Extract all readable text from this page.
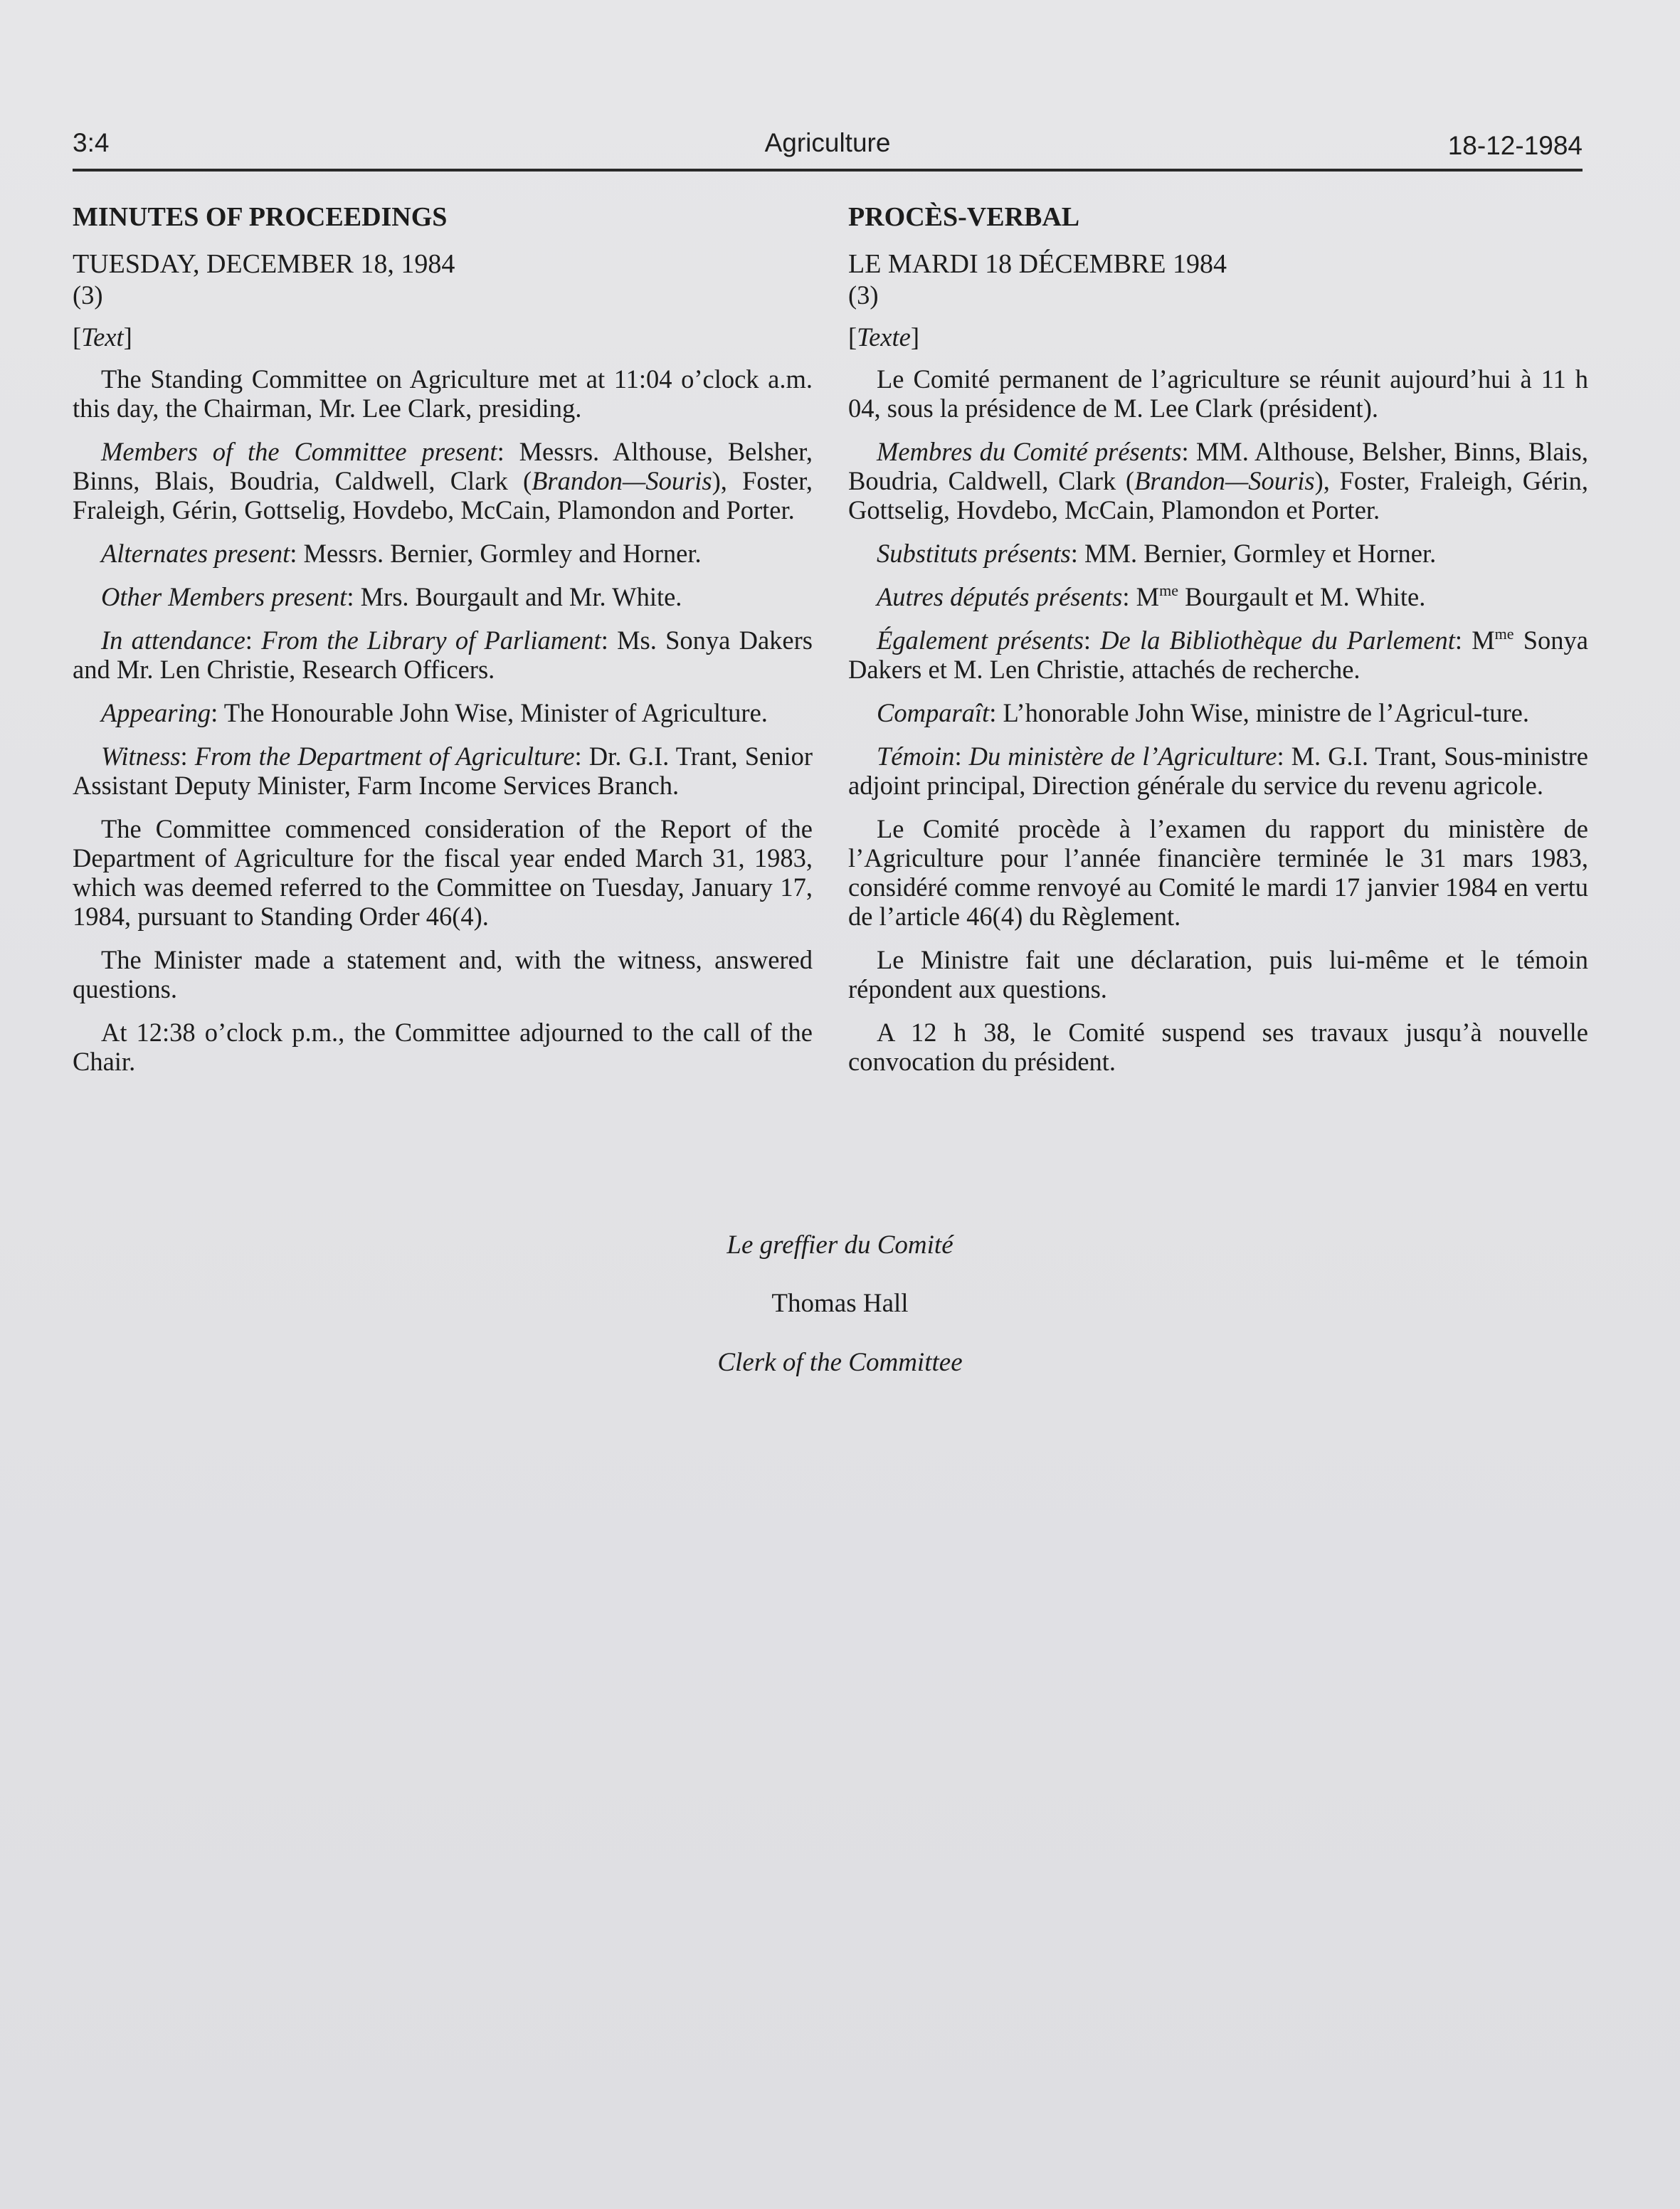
3:4	Agriculture	18-12-1984
MINUTES OF PROCEEDINGS
TUESDAY, DECEMBER 18, 1984
(3)
[Text]

The Standing Committee on Agriculture met at 11:04 o’clock a.m. this day, the Chairman, Mr. Lee Clark, presiding.

Members of the Committee present: Messrs. Althouse, Belsher, Binns, Blais, Boudria, Caldwell, Clark (Brandon—Souris), Foster, Fraleigh, Gérin, Gottselig, Hovdebo, McCain, Plamondon and Porter.

Alternates present: Messrs. Bernier, Gormley and Horner.

Other Members present: Mrs. Bourgault and Mr. White.

In attendance: From the Library of Parliament: Ms. Sonya Dakers and Mr. Len Christie, Research Officers.

Appearing: The Honourable John Wise, Minister of Agriculture.

Witness: From the Department of Agriculture: Dr. G.I. Trant, Senior Assistant Deputy Minister, Farm Income Services Branch.

The Committee commenced consideration of the Report of the Department of Agriculture for the fiscal year ended March 31, 1983, which was deemed referred to the Committee on Tuesday, January 17, 1984, pursuant to Standing Order 46(4).

The Minister made a statement and, with the witness, answered questions.

At 12:38 o’clock p.m., the Committee adjourned to the call of the Chair.

PROCÈS-VERBAL
LE MARDI 18 DÉCEMBRE 1984
(3)
[Texte]

Le Comité permanent de l’agriculture se réunit aujourd’hui à 11 h 04, sous la présidence de M. Lee Clark (président).

Membres du Comité présents: MM. Althouse, Belsher, Binns, Blais, Boudria, Caldwell, Clark (Brandon—Souris), Foster, Fraleigh, Gérin, Gottselig, Hovdebo, McCain, Plamondon et Porter.

Substituts présents: MM. Bernier, Gormley et Horner.

Autres députés présents: $M^{me}$ Bourgault et M. White.

Également présents: De la Bibliothèque du Parlement: $M^{me}$ Sonya Dakers et M. Len Christie, attachés de recherche.

Comparaît: L’honorable John Wise, ministre de l’Agricul-ture.

Témoin: Du ministère de l’Agriculture: M. G.I. Trant, Sous-ministre adjoint principal, Direction générale du service du revenu agricole.

Le Comité procède à l’examen du rapport du ministère de l’Agriculture pour l’année financière terminée le 31 mars 1983, considéré comme renvoyé au Comité le mardi 17 janvier 1984 en vertu de l’article 46(4) du Règlement.

Le Ministre fait une déclaration, puis lui-même et le témoin répondent aux questions.

A 12 h 38, le Comité suspend ses travaux jusqu’à nouvelle convocation du président.

Le greffier du Comité
Thomas Hall
Clerk of the Committee
